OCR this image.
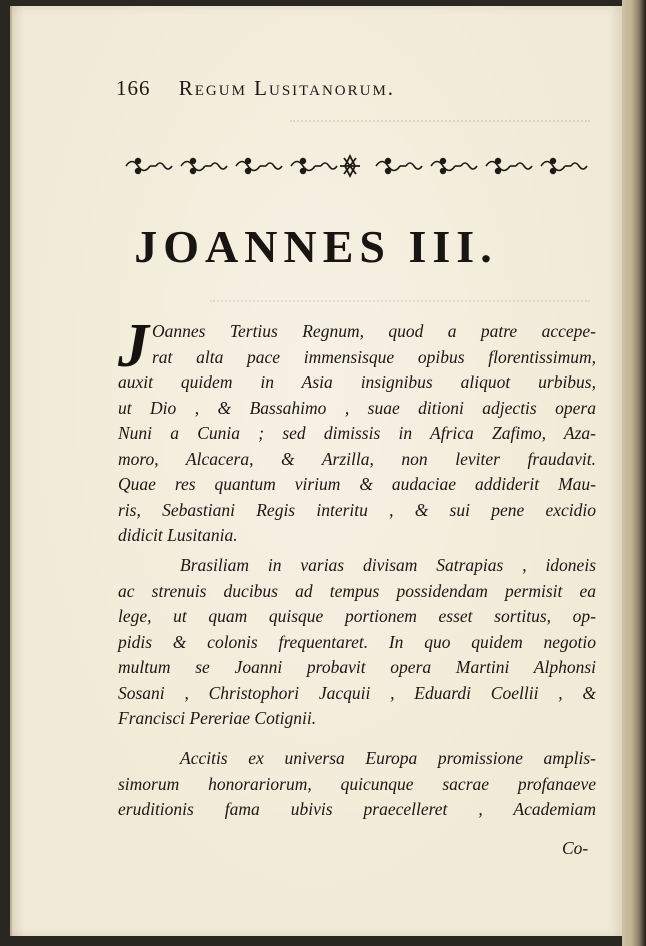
166 Regum Lusitanorum.
JOANNES III.
J Oannes Tertius Regnum, quod a patre accepe-
rat alta pace immensisque opibus florentissimum,
auxit quidem in Asia insignibus aliquot urbibus,
ut Dio , & Bassahimo , suae ditioni adjectis opera
Nuni a Cunia ; sed dimissis in Africa Zafimo, Aza-
moro, Alcacera, & Arzilla, non leviter fraudavit.
Quae res quantum virium & audaciae addiderit Mau-
ris, Sebastiani Regis interitu , & sui pene excidio
didicit Lusitania.
Brasiliam in varias divisam Satrapias , idoneis
ac strenuis ducibus ad tempus possidendam permisit ea
lege, ut quam quisque portionem esset sortitus, op-
pidis & colonis frequentaret. In quo quidem negotio
multum se Joanni probavit opera Martini Alphonsi
Sosani , Christophori Jacquii , Eduardi Coellii , &
Francisci Pereriae Cotignii.
Accitis ex universa Europa promissione amplis-
simorum honorariorum, quicunque sacrae profanaeve
eruditionis fama ubivis praecelleret , Academiam
Co-
